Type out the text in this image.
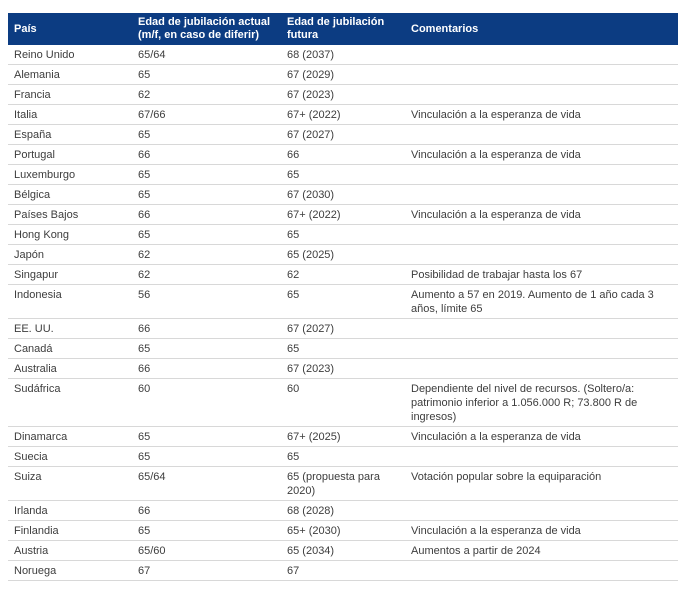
País	Edad de jubilación actual (m/f, en caso de diferir)	Edad de jubilación futura	Comentarios
Reino Unido	65/64	68 (2037)	
Alemania	65	67 (2029)	
Francia	62	67 (2023)	
Italia	67/66	67+ (2022)	Vinculación a la esperanza de vida
España	65	67 (2027)	
Portugal	66	66	Vinculación a la esperanza de vida
Luxemburgo	65	65	
Bélgica	65	67 (2030)	
Países Bajos	66	67+ (2022)	Vinculación a la esperanza de vida
Hong Kong	65	65	
Japón	62	65 (2025)	
Singapur	62	62	Posibilidad de trabajar hasta los 67
Indonesia	56	65	Aumento a 57 en 2019. Aumento de 1 año cada 3 años, límite 65
EE. UU.	66	67 (2027)	
Canadá	65	65	
Australia	66	67 (2023)	
Sudáfrica	60	60	Dependiente del nivel de recursos. (Soltero/a: patrimonio inferior a 1.056.000 R; 73.800 R de ingresos)
Dinamarca	65	67+ (2025)	Vinculación a la esperanza de vida
Suecia	65	65	
Suiza	65/64	65 (propuesta para 2020)	Votación popular sobre la equiparación
Irlanda	66	68 (2028)	
Finlandia	65	65+ (2030)	Vinculación a la esperanza de vida
Austria	65/60	65 (2034)	Aumentos a partir de 2024
Noruega	67	67	
